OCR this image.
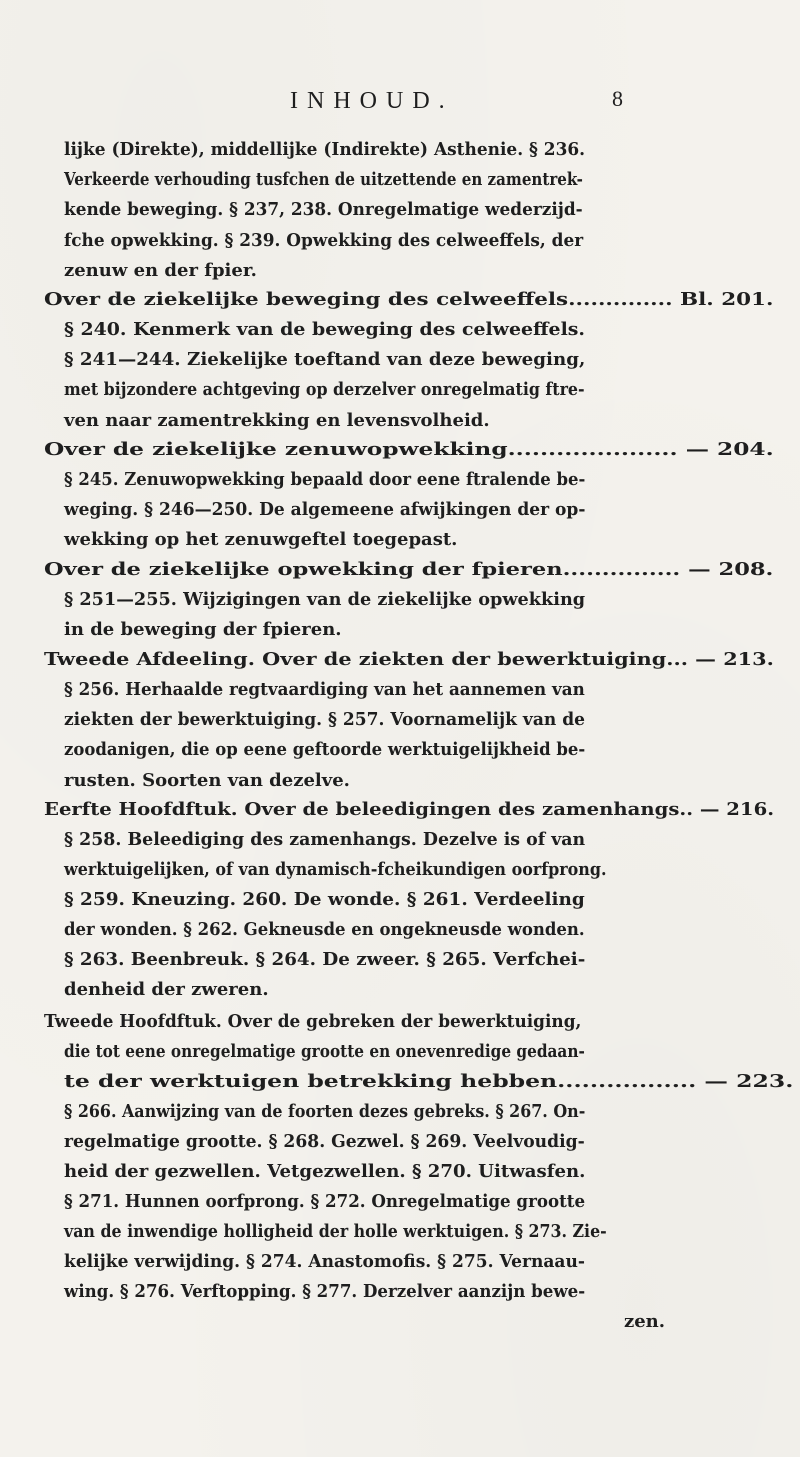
INHOUD.	8
lijke (Direkte), middellijke (Indirekte) Asthenie. § 236.
Verkeerde verhouding tusfchen de uitzettende en zamentrek-
kende beweging. § 237, 238. Onregelmatige wederzijd-
fche opwekking. § 239. Opwekking des celweeffels, der
zenuw en der fpier.
Over de ziekelijke beweging des celweeffels.............. Bl. 201.
§ 240. Kenmerk van de beweging des celweeffels.
§ 241—244. Ziekelijke toeftand van deze beweging,
met bijzondere achtgeving op derzelver onregelmatig ftre-
ven naar zamentrekking en levensvolheid.
Over de ziekelijke zenuwopwekking..................... — 204.
§ 245. Zenuwopwekking bepaald door eene ftralende be-
weging. § 246—250. De algemeene afwijkingen der op-
wekking op het zenuwgeftel toegepast.
Over de ziekelijke opwekking der fpieren............... — 208.
§ 251—255. Wijzigingen van de ziekelijke opwekking
in de beweging der fpieren.
Tweede Afdeeling. Over de ziekten der bewerktuiging... — 213.
§ 256. Herhaalde regtvaardiging van het aannemen van
ziekten der bewerktuiging. § 257. Voornamelijk van de
zoodanigen, die op eene geftoorde werktuigelijkheid be-
rusten. Soorten van dezelve.
Eerfte Hoofdftuk. Over de beleedigingen des zamenhangs.. — 216.
§ 258. Beleediging des zamenhangs. Dezelve is of van
werktuigelijken, of van dynamisch-fcheikundigen oorfprong.
§ 259. Kneuzing. 260. De wonde. § 261. Verdeeling
der wonden. § 262. Gekneusde en ongekneusde wonden.
§ 263. Beenbreuk. § 264. De zweer. § 265. Verfchei-
denheid der zweren.
Tweede Hoofdftuk. Over de gebreken der bewerktuiging,
die tot eene onregelmatige grootte en onevenredige gedaan-
te der werktuigen betrekking hebben................. — 223.
§ 266. Aanwijzing van de foorten dezes gebreks. § 267. On-
regelmatige grootte. § 268. Gezwel. § 269. Veelvoudig-
heid der gezwellen. Vetgezwellen. § 270. Uitwasfen.
§ 271. Hunnen oorfprong. § 272. Onregelmatige grootte
van de inwendige holligheid der holle werktuigen. § 273. Zie-
kelijke verwijding. § 274. Anastomofis. § 275. Vernaau-
wing. § 276. Verftopping. § 277. Derzelver aanzijn bewe-
zen.
